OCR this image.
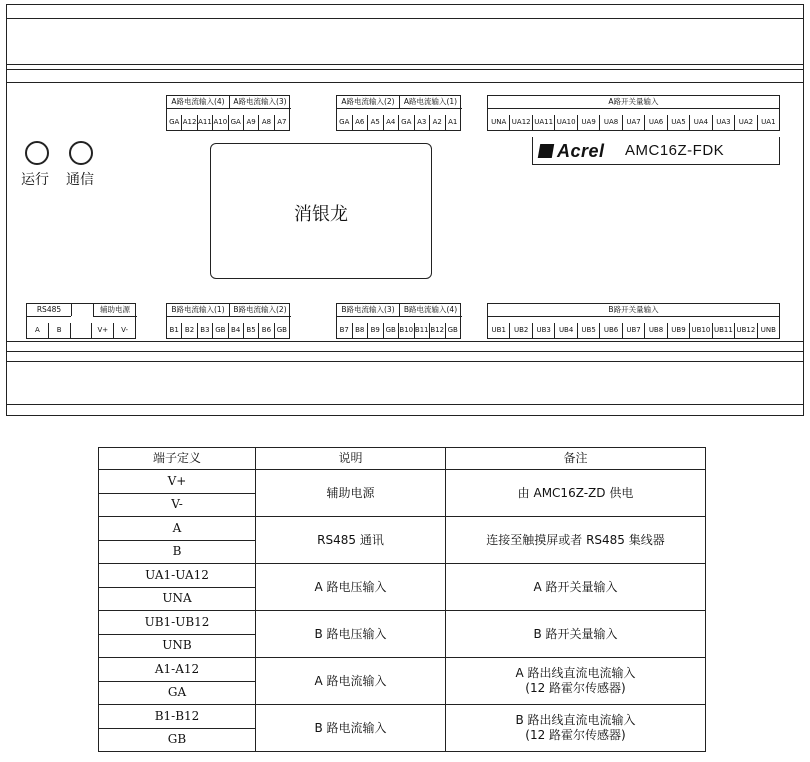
运行 通信
消银龙
Acrel AMC16Z-FDK
A路电流输入(4)	A路电流输入(3)
GA A12 A11 A10 GA A9 A8 A7
A路电流输入(2)	A路电流输入(1)
GA A6 A5 A4 GA A3 A2 A1
A路开关量输入
UNA UA12 UA11 UA10 UA9	UA8	UA7	UA6	UA5	UA4	UA3	UA2	UA1
RS485	辅助电源
A	B	V+	V-
B路电流输入(1)	B路电流输入(2)
B1 B2 B3 GB B4 B5 B6 GB
B路电流输入(3)	B路电流输入(4)
B7 B8 B9 GB B10 B11 B12 GB
B路开关量输入
UB1	UB2	UB3	UB4	UB5	UB6	UB7	UB8	UB9 UB10 UB11 UB12 UNB
端子定义	说明	备注
V+	辅助电源	由 AMC16Z-ZD 供电

V-		
A	RS485 通讯	连接至触摸屏或者 RS485 集线器

B		
UA1-UA12	A 路电压输入	A 路开关量输入

UNA		
UB1-UB12	B 路电压输入	B 路开关量输入

UNB		
A1-A12	A 路电流输入	A 路出线直流电流输入
(12 路霍尔传感器)

GA		
B1-B12	B 路电流输入	B 路出线直流电流输入
(12 路霍尔传感器)

GB		
